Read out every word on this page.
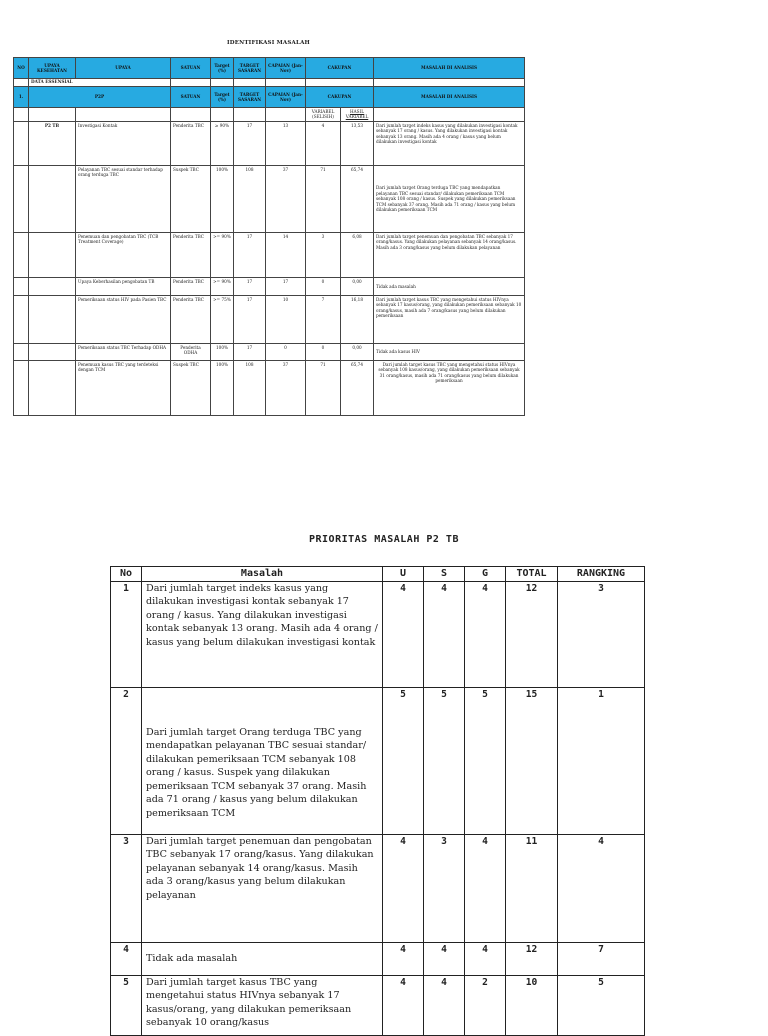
IDENTIFIKASI MASALAH
NO	UPAYA KESEHATAN	UPAYA	SATUAN	Target (%)	TARGET SASARAN	CAPAIAN (Jan-Nov)	CAKUPAN		MASALAH DI ANALISIS
	DATA ESSENSIAL								
1.	P2P		SATUAN	Target (%)	TARGET SASARAN	CAPAIAN (Jan-Nov)	CAKUPAN		MASALAH DI ANALISIS
							VARIABEL (SELISIH)	HASIL VARIABEL	
	P2 TB	Investigasi Kontak	Penderita TBC	≥ 90%	17	13	4	13,53	Dari jumlah target indeks kasus yang dilakukan investigasi kontak sebanyak 17 orang / kasus. Yang dilakukan investigasi kontak sebanyak 13 orang. Masih ada 4 orang / kasus yang belum dilakukan investigasi kontak
		Pelayanan TBC sesuai standar terhadap orang terduga TBC	Suspek TBC	100%	108	37	71	65,74	Dari jumlah target Orang terduga TBC yang mendapatkan pelayanan TBC sesuai standar/ dilakukan pemeriksaan TCM sebanyak 108 orang / kasus. Suspek yang dilakukan pemeriksaan TCM sebanyak 37 orang. Masih ada 71 orang / kasus yang belum dilakukan pemeriksaan TCM
		Penemuan dan pengobatan TBC (TCB Treatment Coverage)	Penderita TBC	>= 90%	17	14	3	6,08	Dari jumlah target penemuan dan pengobatan TBC sebanyak 17 orang/kasus. Yang dilakukan pelayanan sebanyak 14 orang/kasus. Masih ada 3 orang/kasus yang belum dilakukan pelayanan
		Upaya Keberhasilan pengobatan TB	Penderita TBC	>= 90%	17	17	0	0,00	Tidak ada masalah
		Pemeriksaan status HIV pada Pasien TBC	Penderita TBC	>= 75%	17	10	7	16,18	Dari jumlah target kasus TBC yang mengetahui status HIVnya sebanyak 17 kasus/orang, yang dilakukan pemeriksaan sebanyak 10 orang/kasus, masih ada 7 orang/kasus yang belum dilakukan pemeriksaan
		Pemeriksaan status TBC Terhadap ODHA	Penderita ODHA	100%	17	0	0	0,00	Tidak ada kasus HIV
		Penemuan kasus TBC yang terdeteksi dengan TCM	Suspek TBC	100%	108	37	71	65,74	Dari jumlah target kasus TBC yang mengetahui status HIVnya sebanyak 108 kasus/orang, yang dilakukan pemeriksaan sebanyak 31 orang/kasus, masih ada 71 orang/kasus yang belum dilakukan pemeriksaan
PRIORITAS MASALAH P2 TB
No	Masalah	U	S	G	TOTAL	RANGKING
1	Dari jumlah target indeks kasus yang dilakukan investigasi kontak sebanyak 17 orang / kasus. Yang dilakukan investigasi kontak sebanyak 13 orang. Masih ada 4 orang / kasus yang belum dilakukan investigasi kontak	4	4	4	12	3
2	Dari jumlah target Orang terduga TBC yang mendapatkan pelayanan TBC sesuai standar/ dilakukan pemeriksaan TCM sebanyak 108 orang / kasus. Suspek yang dilakukan pemeriksaan TCM sebanyak 37 orang. Masih ada 71 orang / kasus yang belum dilakukan pemeriksaan TCM	5	5	5	15	1
3	Dari jumlah target penemuan dan pengobatan TBC sebanyak 17 orang/kasus. Yang dilakukan pelayanan sebanyak 14 orang/kasus. Masih ada 3 orang/kasus yang belum dilakukan pelayanan	4	3	4	11	4
4	Tidak ada masalah	4	4	4	12	7
5	Dari jumlah target kasus TBC yang mengetahui status HIVnya sebanyak 17 kasus/orang, yang dilakukan pemeriksaan sebanyak 10 orang/kasus	4	4	2	10	5
